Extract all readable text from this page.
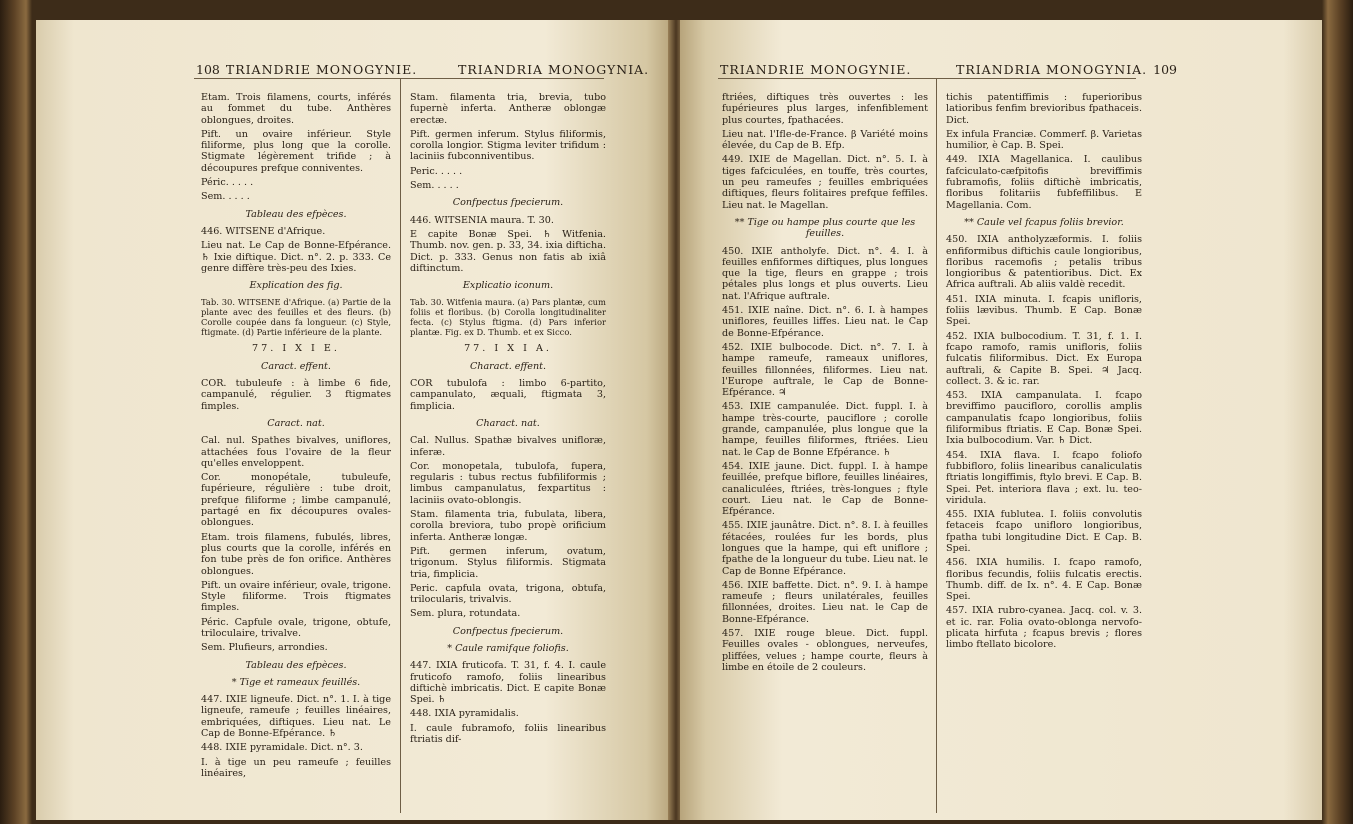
108 TRIANDRIE MONOGYNIE.	TRIANDRIA MONOGYNIA.

Etam. Trois filamens, courts, inférés au fommet du tube. Anthères oblongues, droites.

Pift. un ovaire inférieur. Style filiforme, plus long que la corolle. Stigmate légèrement trifide ; à découpures prefque conniventes.

Péric. . . . .

Sem. . . . .

Tableau des efpèces.

446. WITSENE d'Afrique.

Lieu nat. Le Cap de Bonne-Efpérance. ♄ Ixie diftique. Dict. n°. 2. p. 333. Ce genre diffère très-peu des Ixies.

Explication des fig.

Tab. 30. WITSENE d'Afrique. (a) Partie de la plante avec des feuilles et des fleurs. (b) Corolle coupée dans fa longueur. (c) Style, ftigmate. (d) Partie inférieure de la plante.

77. I X I E.

Caract. effent.

COR. tubuleufe : à limbe 6 fide, campanulé, régulier. 3 ftigmates fimples.

Caract. nat.

Cal. nul. Spathes bivalves, uniflores, attachées fous l'ovaire de la fleur qu'elles enveloppent.

Cor. monopétale, tubuleufe, fupérieure, régulière : tube droit, prefque filiforme ; limbe campanulé, partagé en fix découpures ovales-oblongues.

Etam. trois filamens, fubulés, libres, plus courts que la corolle, inférés en fon tube près de fon orifice. Anthères oblongues.

Pift. un ovaire inférieur, ovale, trigone. Style filiforme. Trois ftigmates fimples.

Péric. Capfule ovale, trigone, obtufe, triloculaire, trivalve.

Sem. Plufieurs, arrondies.

Tableau des efpèces.

* Tige et rameaux feuillés.

447. IXIE ligneufe. Dict. n°. 1. I. à tige ligneufe, rameufe ; feuilles linéaires, embriquées, diftiques. Lieu nat. Le Cap de Bonne-Efpérance. ♄

448. IXIE pyramidale. Dict. n°. 3.

I. à tige un peu rameufe ; feuilles linéaires,

Stam. filamenta tria, brevia, tubo fupernè inferta. Antheræ oblongæ erectæ.

Pift. germen inferum. Stylus filiformis, corolla longior. Stigma leviter trifidum : laciniis fubconniventibus.

Peric. . . . .

Sem. . . . .

Confpectus fpecierum.

446. WITSENIA maura. T. 30.

E capite Bonæ Spei. ♄ Witfenia. Thumb. nov. gen. p. 33, 34. ixia difticha. Dict. p. 333. Genus non fatis ab ixiâ diftinctum.

Explicatio iconum.

Tab. 30. Witfenia maura. (a) Pars plantæ, cum foliis et floribus. (b) Corolla longitudinaliter fecta. (c) Stylus ftigma. (d) Pars inferior plantæ. Fig. ex D. Thumb. et ex Sicco.

77. I X I A.

Charact. effent.

COR tubulofa : limbo 6-partito, campanulato, æquali, ftigmata 3, fimplicia.

Charact. nat.

Cal. Nullus. Spathæ bivalves unifloræ, inferæ.

Cor. monopetala, tubulofa, fupera, regularis : tubus rectus fubfiliformis ; limbus campanulatus, fexpartitus : laciniis ovato-oblongis.

Stam. filamenta tria, fubulata, libera, corolla breviora, tubo propè orificium inferta. Antheræ longæ.

Pift. germen inferum, ovatum, trigonum. Stylus filiformis. Stigmata tria, fimplicia.

Peric. capfula ovata, trigona, obtufa, trilocularis, trivalvis.

Sem. plura, rotundata.

Confpectus fpecierum.

* Caule ramifque foliofis.

447. IXIA fruticofa. T. 31, f. 4. I. caule fruticofo ramofo, foliis linearibus diftichè imbricatis. Dict. E capite Bonæ Spei. ♄

448. IXIA pyramidalis.

I. caule fubramofo, foliis linearibus ftriatis dif-

TRIANDRIE MONOGYNIE.	TRIANDRIA MONOGYNIA. 109

ftriées, diftiques très ouvertes : les fupérieures plus larges, infenfiblement plus courtes, fpathacées.

Lieu nat. l'Ifle-de-France. β Variété moins élevée, du Cap de B. Efp.

449. IXIE de Magellan. Dict. n°. 5. I. à tiges fafciculées, en touffe, très courtes, un peu rameufes ; feuilles embriquées diftiques, fleurs folitaires prefque feffiles. Lieu nat. le Magellan.

** Tige ou hampe plus courte que les feuilles.

450. IXIE antholyfe. Dict. n°. 4. I. à feuilles enfiformes diftiques, plus longues que la tige, fleurs en grappe ; trois pétales plus longs et plus ouverts. Lieu nat. l'Afrique auftrale.

451. IXIE naîne. Dict. n°. 6. I. à hampes uniflores, feuilles liffes. Lieu nat. le Cap de Bonne-Efpérance.

452. IXIE bulbocode. Dict. n°. 7. I. à hampe rameufe, rameaux uniflores, feuilles fillonnées, filiformes. Lieu nat. l'Europe auftrale, le Cap de Bonne-Efpérance. ♃

453. IXIE campanulée. Dict. fuppl. I. à hampe très-courte, pauciflore ; corolle grande, campanulée, plus longue que la hampe, feuilles filiformes, ftriées. Lieu nat. le Cap de Bonne Efpérance. ♄

454. IXIE jaune. Dict. fuppl. I. à hampe feuillée, prefque biflore, feuilles linéaires, canaliculées, ftriées, très-longues ; ftyle court. Lieu nat. le Cap de Bonne-Efpérance.

455. IXIE jaunâtre. Dict. n°. 8. I. à feuilles fétacées, roulées fur les bords, plus longues que la hampe, qui eft uniflore ; fpathe de la longueur du tube. Lieu nat. le Cap de Bonne Efpérance.

456. IXIE baffette. Dict. n°. 9. I. à hampe rameufe ; fleurs unilatérales, feuilles fillonnées, droites. Lieu nat. le Cap de Bonne-Efpérance.

457. IXIE rouge bleue. Dict. fuppl. Feuilles ovales - oblongues, nerveufes, pliffées, velues ; hampe courte, fleurs à limbe en étoile de 2 couleurs.

tichis patentiffimis : fuperioribus latioribus fenfim brevioribus fpathaceis. Dict.

Ex infula Franciæ. Commerf. β. Varietas humilior, è Cap. B. Spei.

449. IXIA Magellanica. I. caulibus fafciculato-cæfpitofis breviffimis fubramofis, foliis diftichè imbricatis, floribus folitariis fubfeffilibus. E Magellania. Com.

** Caule vel fcapus foliis brevior.

450. IXIA antholyzæformis. I. foliis enfiformibus diftichis caule longioribus, floribus racemofis ; petalis tribus longioribus & patentioribus. Dict. Ex Africa auftrali. Ab aliis valdè recedit.

451. IXIA minuta. I. fcapis unifloris, foliis lævibus. Thumb. E Cap. Bonæ Spei.

452. IXIA bulbocodium. T. 31, f. 1. I. fcapo ramofo, ramis unifloris, foliis fulcatis filiformibus. Dict. Ex Europa auftrali, & Capite B. Spei. ♃ Jacq. collect. 3. & ic. rar.

453. IXIA campanulata. I. fcapo breviffimo paucifloro, corollis amplis campanulatis fcapo longioribus, foliis filiformibus ftriatis. E Cap. Bonæ Spei. Ixia bulbocodium. Var. ♄ Dict.

454. IXIA flava. I. fcapo foliofo fubbifloro, foliis linearibus canaliculatis ftriatis longiffimis, ftylo brevi. E Cap. B. Spei. Pet. interiora flava ; ext. lu. teo-viridula.

455. IXIA fubluteа. I. foliis convolutis fetaceis fcapo unifloro longioribus, fpatha tubi longitudine Dict. E Cap. B. Spei.

456. IXIA humilis. I. fcapo ramofo, floribus fecundis, foliis fulcatis erectis. Thumb. diff. de Ix. n°. 4. E Cap. Bonæ Spei.

457. IXIA rubro-cyanea. Jacq. col. v. 3. et ic. rar. Folia ovato-oblonga nervofo-plicata hirfuta ; fcapus brevis ; flores limbo ftellato bicolore.
